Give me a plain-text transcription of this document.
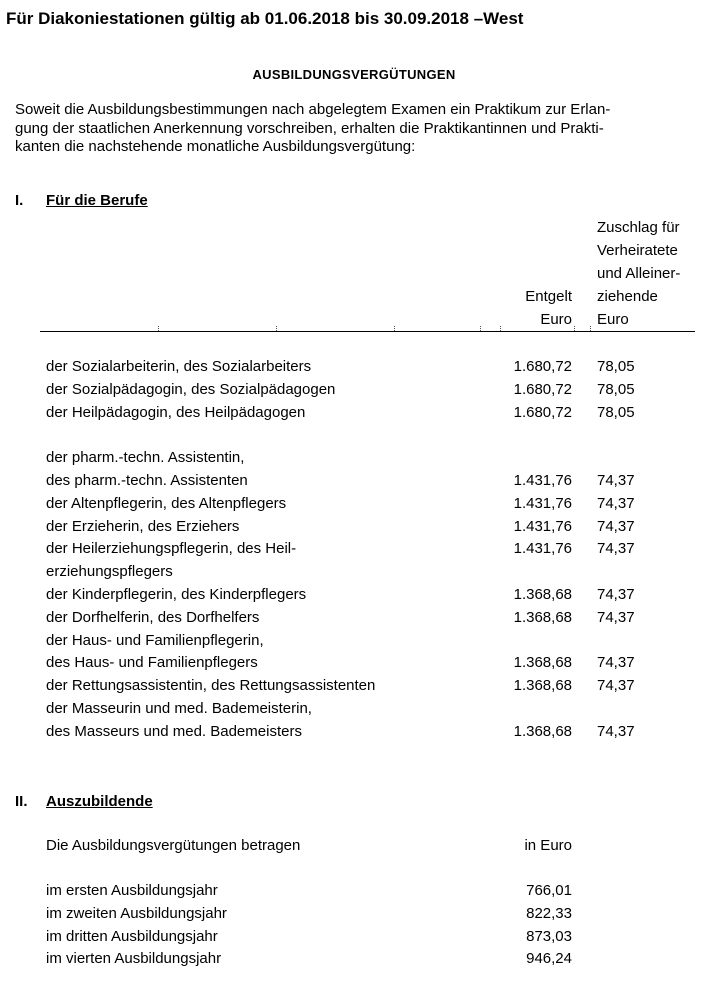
Für Diakoniestationen gültig ab 01.06.2018 bis 30.09.2018 –West
AUSBILDUNGSVERGÜTUNGEN
Soweit die Ausbildungsbestimmungen nach abgelegtem Examen ein Praktikum zur Erlan-
gung der staatlichen Anerkennung vorschreiben, erhalten die Praktikantinnen und Prakti-
kanten die nachstehende monatliche Ausbildungsvergütung:
I. Für die Berufe
Entgelt
Euro
Zuschlag für
Verheiratete
und Alleiner-
ziehende
Euro
der Sozialarbeiterin, des Sozialarbeiters	1.680,72 78,05
der Sozialpädagogin, des Sozialpädagogen	1.680,72 78,05
der Heilpädagogin, des Heilpädagogen	1.680,72 78,05
der pharm.-techn. Assistentin,
des pharm.-techn. Assistenten	1.431,76 74,37
der Altenpflegerin, des Altenpflegers	1.431,76 74,37
der Erzieherin, des Erziehers	1.431,76 74,37
der Heilerziehungspflegerin, des Heil-	1.431,76 74,37
erziehungspflegers
der Kinderpflegerin, des Kinderpflegers	1.368,68 74,37
der Dorfhelferin, des Dorfhelfers	1.368,68 74,37
der Haus- und Familienpflegerin,
des Haus- und Familienpflegers	1.368,68 74,37
der Rettungsassistentin, des Rettungsassistenten	1.368,68 74,37
der Masseurin und med. Bademeisterin,
des Masseurs und med. Bademeisters	1.368,68 74,37
II. Auszubildende
Die Ausbildungsvergütungen betragen	in Euro
im ersten Ausbildungsjahr	766,01
im zweiten Ausbildungsjahr	822,33
im dritten Ausbildungsjahr	873,03
im vierten Ausbildungsjahr	946,24
